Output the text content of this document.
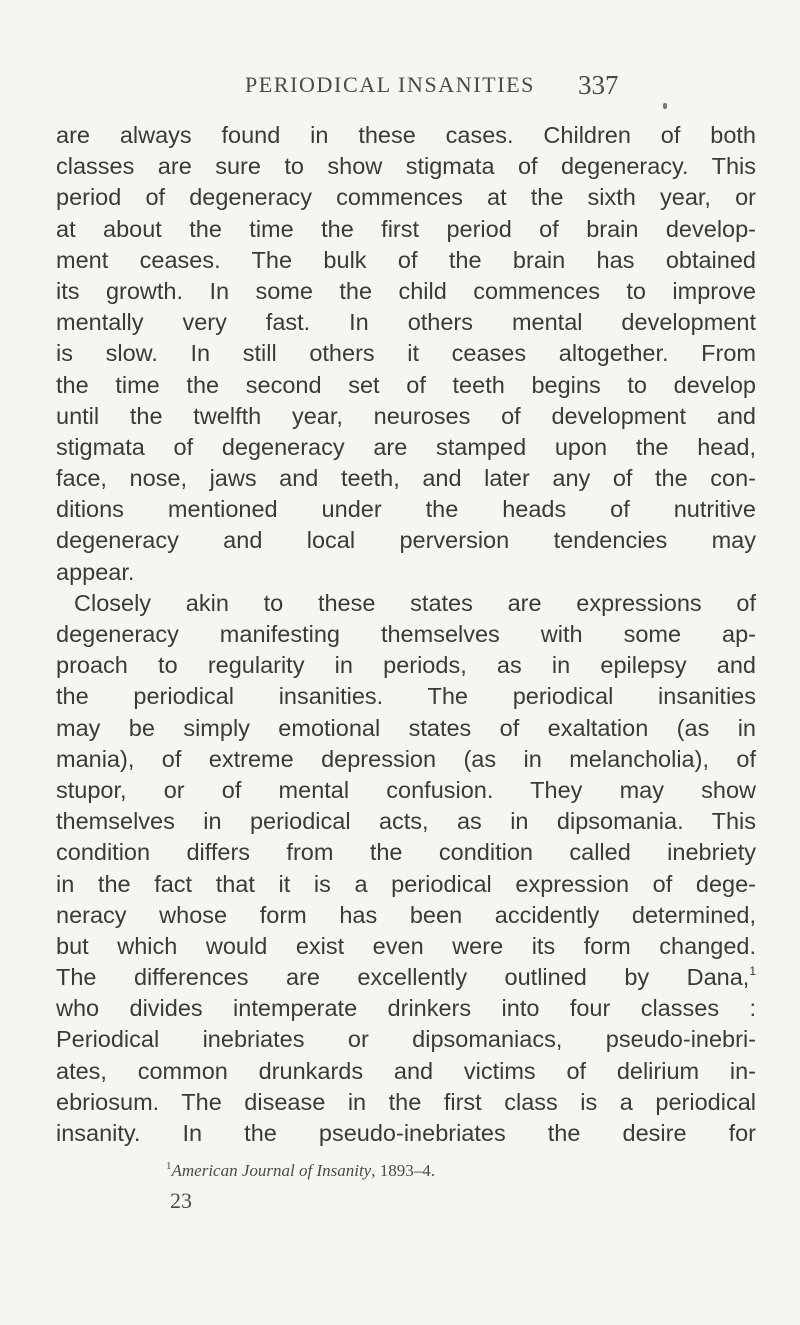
PERIODICAL INSANITIES	337
are always found in these cases. Children of both
classes are sure to show stigmata of degeneracy. This
period of degeneracy commences at the sixth year, or
at about the time the first period of brain develop-
ment ceases. The bulk of the brain has obtained
its growth. In some the child commences to improve
mentally very fast. In others mental development
is slow. In still others it ceases altogether. From
the time the second set of teeth begins to develop
until the twelfth year, neuroses of development and
stigmata of degeneracy are stamped upon the head,
face, nose, jaws and teeth, and later any of the con-
ditions mentioned under the heads of nutritive
degeneracy and local perversion tendencies may
appear.
Closely akin to these states are expressions of
degeneracy manifesting themselves with some ap-
proach to regularity in periods, as in epilepsy and
the periodical insanities. The periodical insanities
may be simply emotional states of exaltation (as in
mania), of extreme depression (as in melancholia), of
stupor, or of mental confusion. They may show
themselves in periodical acts, as in dipsomania. This
condition differs from the condition called inebriety
in the fact that it is a periodical expression of dege-
neracy whose form has been accidently determined,
but which would exist even were its form changed.
The differences are excellently outlined by Dana,$^1$
who divides intemperate drinkers into four classes :
Periodical inebriates or dipsomaniacs, pseudo-inebri-
ates, common drunkards and victims of delirium in-
ebriosum. The disease in the first class is a periodical
insanity. In the pseudo-inebriates the desire for
$^1$American Journal of Insanity, 1893–4.
23
